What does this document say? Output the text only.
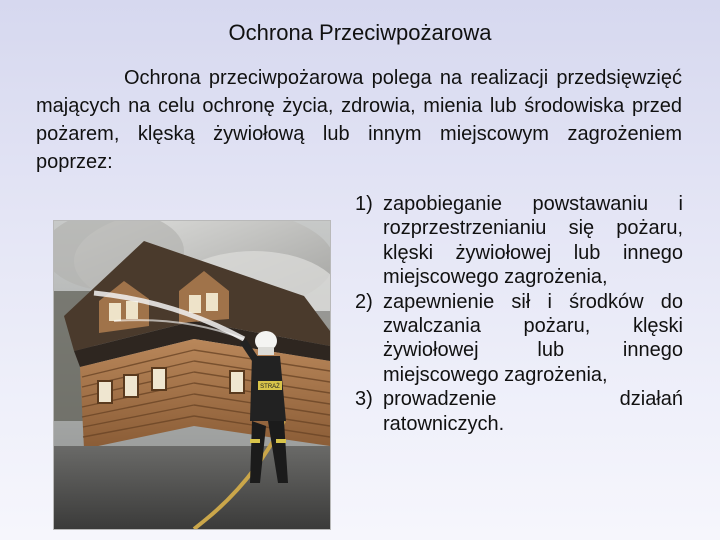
Ochrona Przeciwpożarowa
Ochrona przeciwpożarowa polega na realizacji przedsięwzięć mających na celu ochronę życia, zdrowia, mienia lub środowiska przed pożarem, klęską żywiołową lub innym miejscowym zagrożeniem poprzez:
STRAŻ
1) zapobieganie powstawaniu i rozprzestrzenianiu się pożaru, klęski żywiołowej lub innego miejscowego zagrożenia,
2) zapewnienie sił i środków do zwalczania pożaru, klęski żywiołowej lub innego miejscowego zagrożenia,
3) prowadzenie działań ratowniczych.
